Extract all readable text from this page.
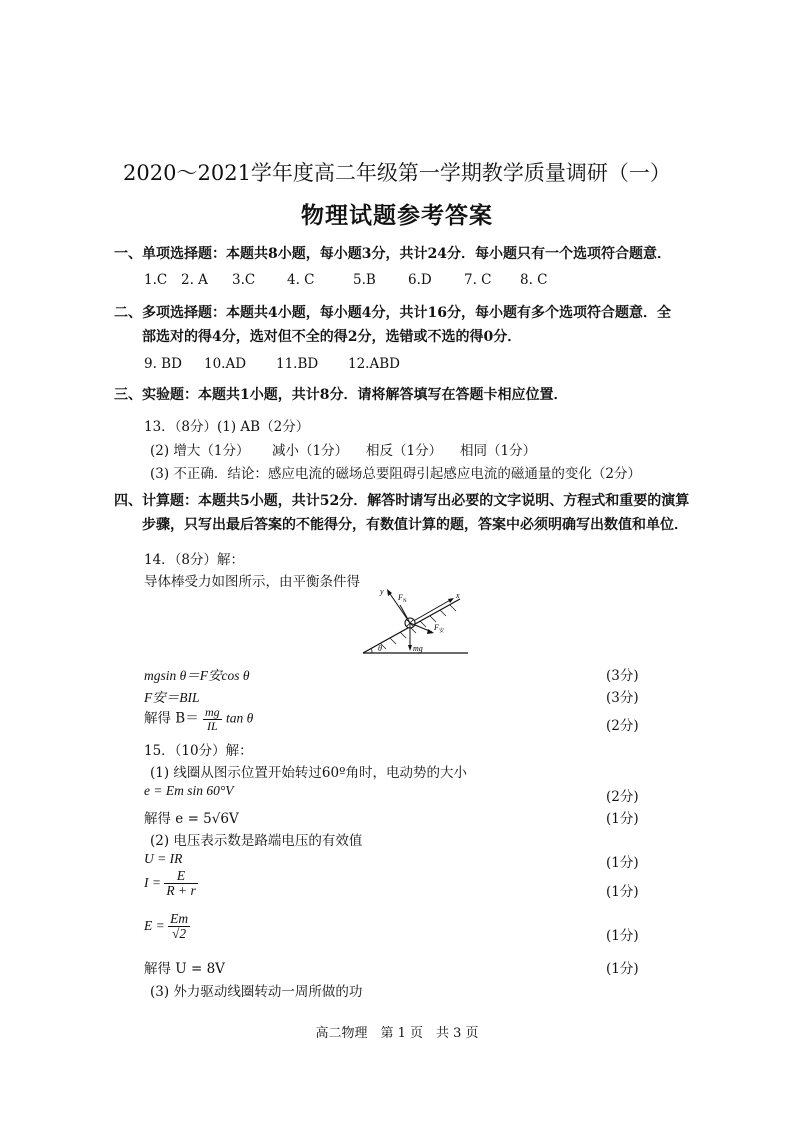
2020～2021学年度高二年级第一学期教学质量调研（一）
物理试题参考答案
一、单项选择题：本题共8小题，每小题3分，共计24分．每小题只有一个选项符合题意．
1.C 2. A 3.C 4. C	5.B 6.D 7. C 8. C
二、多项选择题：本题共4小题，每小题4分，共计16分，每小题有多个选项符合题意．全
部选对的得4分，选对但不全的得2分，选错或不选的得0分．
9. BD 10.AD 11.BD 12.ABD
三、实验题：本题共1小题，共计8分．请将解答填写在答题卡相应位置．
13．（8分）(1) AB（2分）
(2) 增大（1分） 减小（1分） 相反（1分） 相同（1分）
(3) 不正确．结论：感应电流的磁场总要阻碍引起感应电流的磁通量的变化（2分）
四、计算题：本题共5小题，共计52分．解答时请写出必要的文字说明、方程式和重要的演算
步骤，只写出最后答案的不能得分，有数值计算的题，答案中必须明确写出数值和单位．
14．（8分）解：
导体棒受力如图所示，由平衡条件得
y	x
F N
F 安
mg
θ
mgsin θ＝F安cos θ	(3分)
F安＝BIL	(3分)
解得 $B= \frac{mg}{IL}$ tan θ	(2分)
15．（10分）解：
(1) 线圈从图示位置开始转过60º角时，电动势的大小
e = Em sin 60°V	(2分)
解得 e = 5√6V	(1分)
(2) 电压表示数是路端电压的有效值
U = IR	(1分)
$I = \frac{E}{R + r}$	(1分)
$E = \frac{Em}{√2}$	(1分)
解得 U = 8V	(1分)
(3) 外力驱动线圈转动一周所做的功
高二物理　第 1 页　共 3 页
